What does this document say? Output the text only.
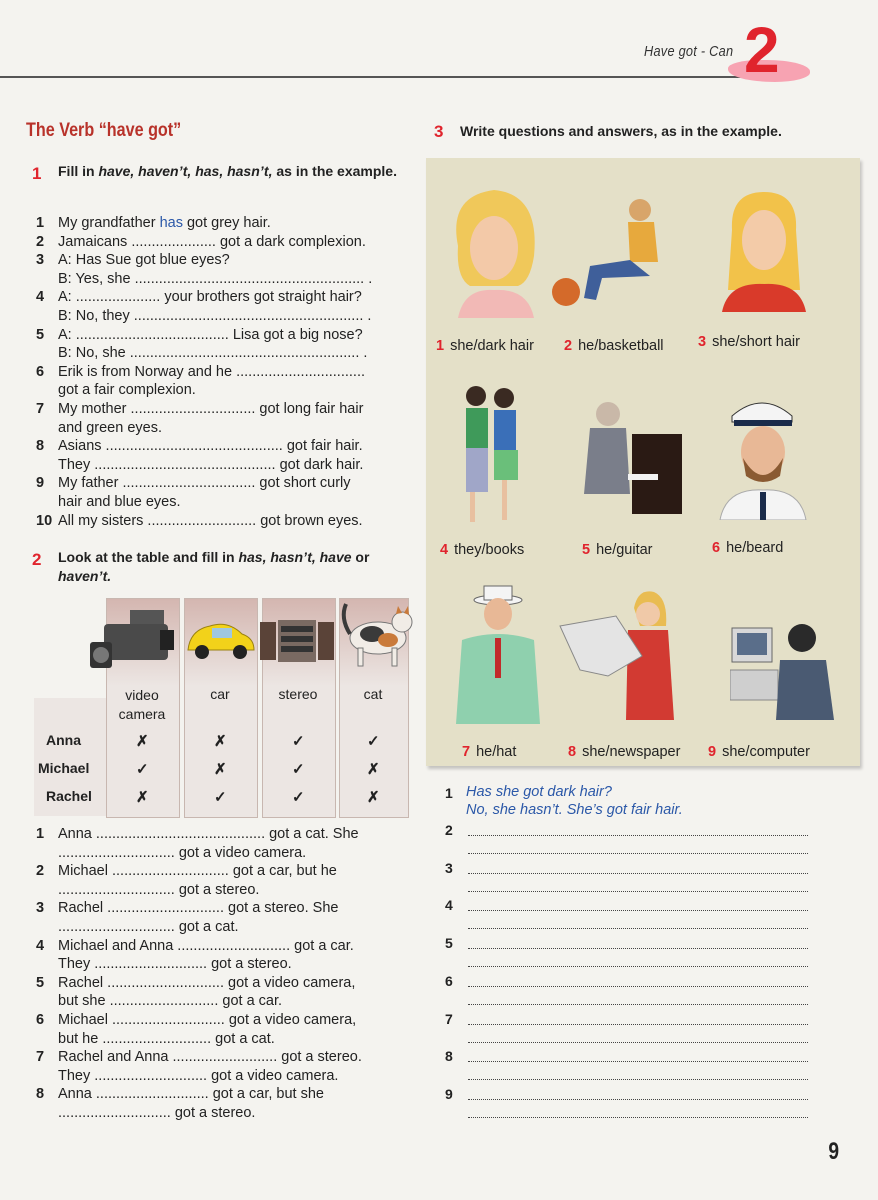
Have got - Can 2
The Verb “have got”
1 Fill in have, haven’t, has, hasn’t, as in the example.
1 My grandfather has got grey hair.
2 Jamaicans ..................... got a dark complexion.
3 A: Has Sue got blue eyes?
B: Yes, she ......................................................... .
4 A: ..................... your brothers got straight hair?
B: No, they ......................................................... .
5 A: ...................................... Lisa got a big nose?
B: No, she ......................................................... .
6 Erik is from Norway and he ................................
got a fair complexion.
7 My mother ............................... got long fair hair
and green eyes.
8 Asians ............................................ got fair hair.
They ............................................. got dark hair.
9 My father ................................. got short curly
hair and blue eyes.
10 All my sisters ........................... got brown eyes.
2 Look at the table and fill in has, hasn’t, have or haven’t.
video
camera
car	stereo	cat
Anna	✗	✗	✓	✓
Michael	✓	✗	✓	✗
Rachel	✗	✓	✓	✗
1 Anna .......................................... got a cat. She
............................. got a video camera.
2 Michael ............................. got a car, but he
............................. got a stereo.
3 Rachel ............................. got a stereo. She
............................. got a cat.
4 Michael and Anna ............................ got a car.
They ............................ got a stereo.
5 Rachel ............................. got a video camera,
but she ........................... got a car.
6 Michael ............................ got a video camera,
but he ........................... got a cat.
7 Rachel and Anna .......................... got a stereo.
They ............................ got a video camera.
8 Anna ............................ got a car, but she
............................ got a stereo.
3 Write questions and answers, as in the example.
1 she/dark hair 2 he/basketball 3 she/short hair
4 they/books	5 he/guitar	6 he/beard
7 he/hat	8 she/newspaper 9 she/computer
1 Has she got dark hair?
No, she hasn’t. She’s got fair hair.
2
3
4
5
6
7
8
9
9
